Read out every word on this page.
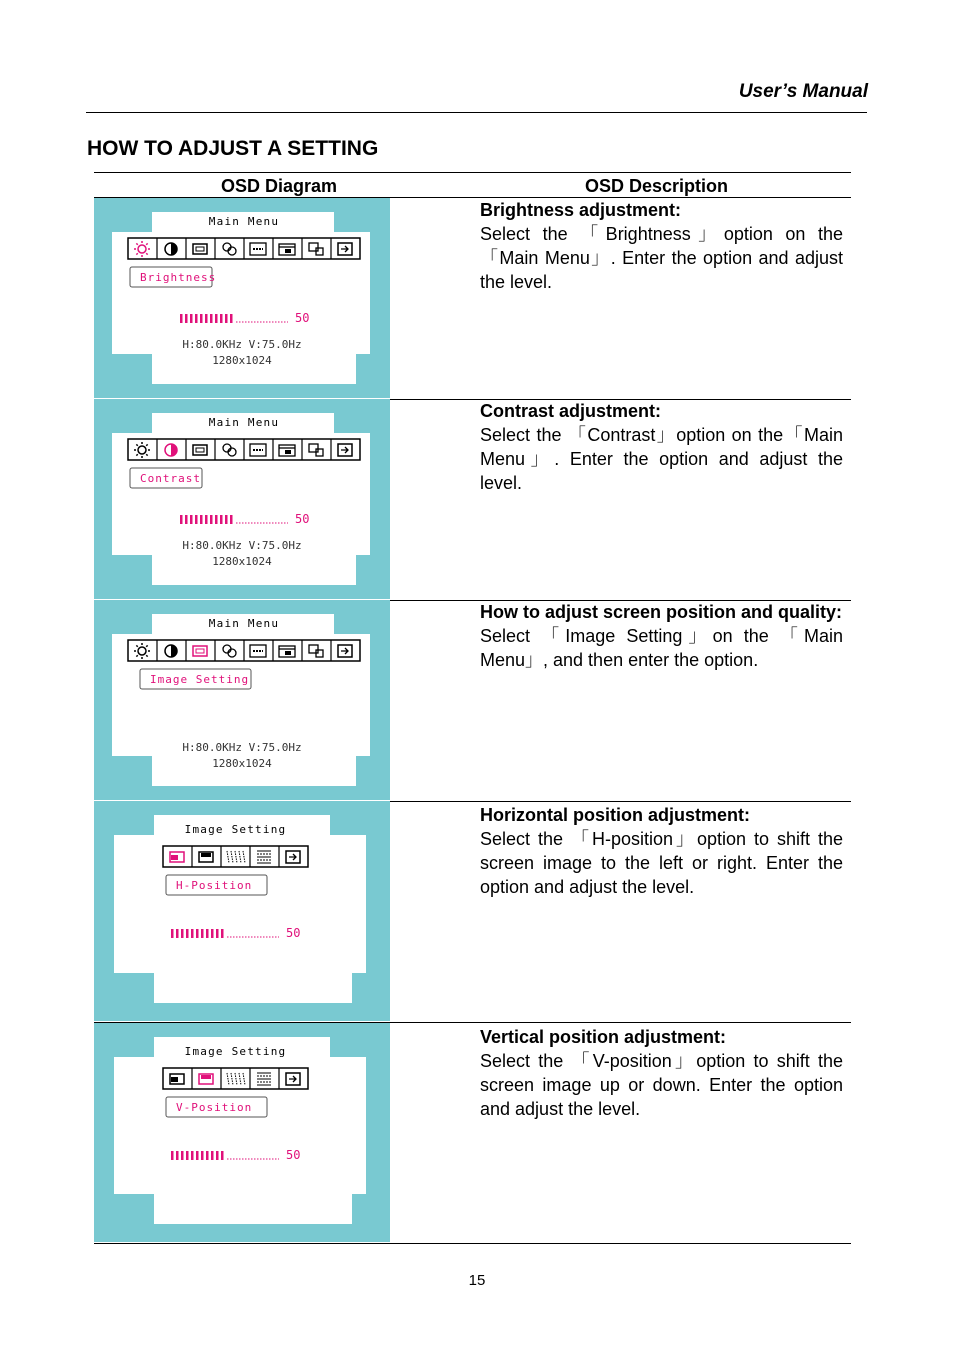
User’s Manual
HOW TO ADJUST A SETTING
OSD Diagram	OSD Description
Main Menu
Brightness
50
H:80.0KHz V:75.0Hz
1280x1024
Brightness adjustment:
Select the 「Brightness」option on the「Main Menu」. Enter the option and adjust the level.
Main Menu
Contrast
50
H:80.0KHz V:75.0Hz
1280x1024
Contrast adjustment:
Select the 「Contrast」option on the「Main Menu」. Enter the option and adjust the level.
Main Menu
Image Setting
H:80.0KHz V:75.0Hz
1280x1024
How to adjust screen position and quality:
Select 「Image Setting」on the 「Main Menu」, and then enter the option.
Image Setting
H-Position
50
Horizontal position adjustment:
Select the 「H-position」option to shift the screen image to the left or right. Enter the option and adjust the level.
Image Setting
V-Position
50
Vertical position adjustment:
Select the 「V-position」option to shift the screen image up or down. Enter the option and adjust the level.
15
